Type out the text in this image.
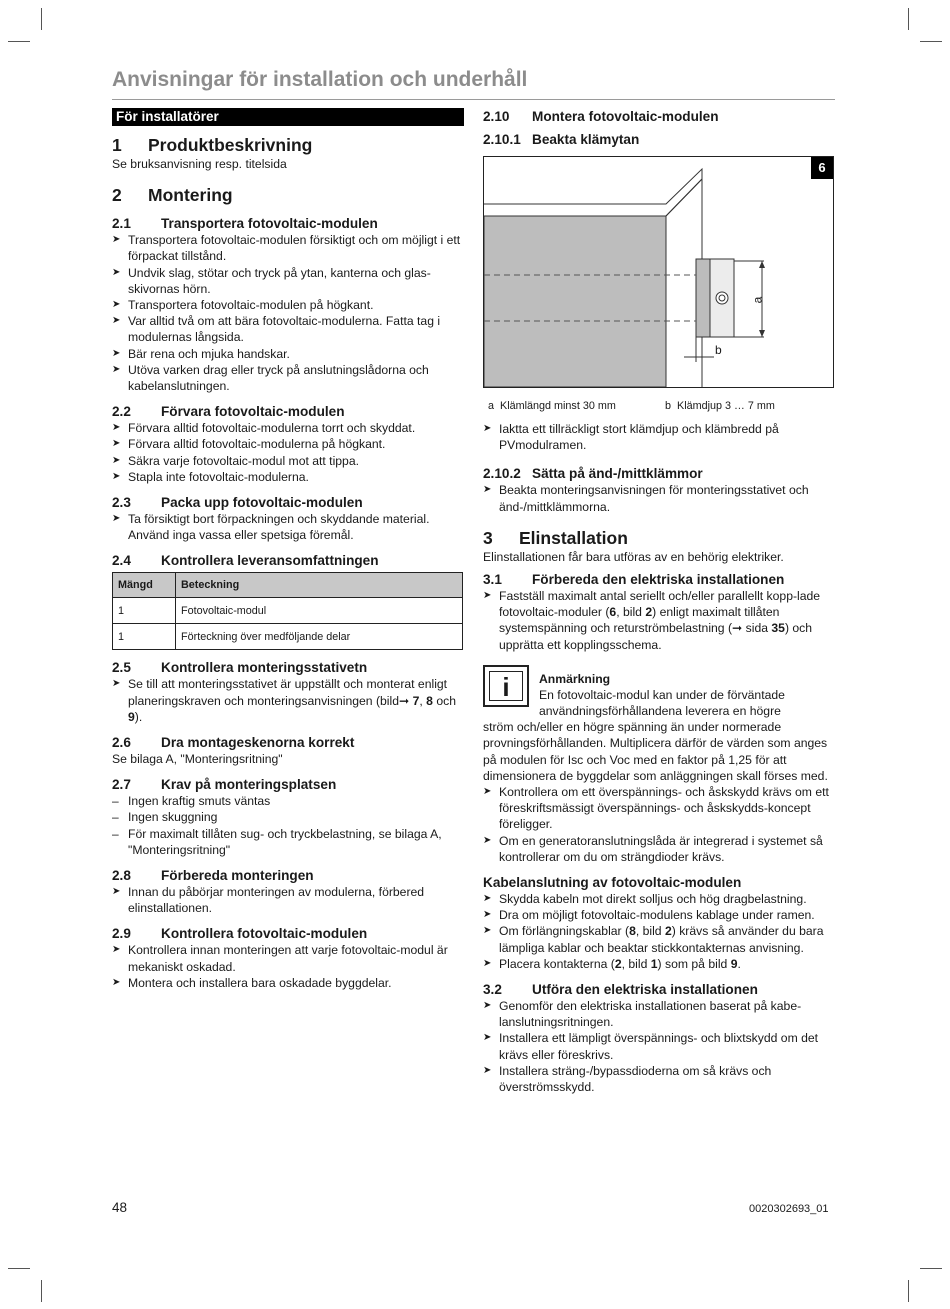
Anvisningar för installation och underhåll
För installatörer
1	Produktbeskrivning

Se bruksanvisning resp. titelsida

2	Montering
2.1	Transportera fotovoltaic-modulen
➤ Transportera fotovoltaic-modulen försiktigt och om möjligt i ett förpackat tillstånd.
➤ Undvik slag, stötar och tryck på ytan, kanterna och glas-skivornas hörn.
➤ Transportera fotovoltaic-modulen på högkant.
➤ Var alltid två om att bära fotovoltaic-modulerna. Fatta tag i modulernas långsida.
➤ Bär rena och mjuka handskar.
➤ Utöva varken drag eller tryck på anslutningslådorna och kabelanslutningen.
2.2	Förvara fotovoltaic-modulen
➤ Förvara alltid fotovoltaic-modulerna torrt och skyddat.
➤ Förvara alltid fotovoltaic-modulerna på högkant.
➤ Säkra varje fotovoltaic-modul mot att tippa.
➤ Stapla inte fotovoltaic-modulerna.
2.3	Packa upp fotovoltaic-modulen
➤ Ta försiktigt bort förpackningen och skyddande material. Använd inga vassa eller spetsiga föremål.
2.4	Kontrollera leveransomfattningen
Mängd	Beteckning
1	Fotovoltaic-modul
1	Förteckning över medföljande delar
2.5	Kontrollera monteringsstativetn
➤ Se till att monteringsstativet är uppställt och monterat enligt planeringskraven och monteringsanvisningen (bild➞ 7, 8 och 9).
2.6	Dra montageskenorna korrekt

Se bilaga A, "Monteringsritning"

2.7	Krav på monteringsplatsen
– Ingen kraftig smuts väntas
– Ingen skuggning
– För maximalt tillåten sug- och tryckbelastning, se bilaga A, "Monteringsritning"
2.8	Förbereda monteringen
➤ Innan du påbörjar monteringen av modulerna, förbered elinstallationen.
2.9	Kontrollera fotovoltaic-modulen
➤ Kontrollera innan monteringen att varje fotovoltaic-modul är mekaniskt oskadad.
➤ Montera och installera bara oskadade byggdelar.
2.10	Montera fotovoltaic-modulen
2.10.1 Beakta klämytan
a
b
6
a Klämlängd minst 30 mm	b Klämdjup 3 … 7 mm
➤ Iaktta ett tillräckligt stort klämdjup och klämbredd på PVmodulramen.
2.10.2 Sätta på änd-/mittklämmor
➤ Beakta monteringsanvisningen för monteringsstativet och änd-/mittklämmorna.
3	Elinstallation

Elinstallationen får bara utföras av en behörig elektriker.

3.1	Förbereda den elektriska installationen
➤ Fastställ maximalt antal seriellt och/eller parallellt kopp-lade fotovoltaic-moduler (6, bild 2) enligt maximalt tillåten systemspänning och returströmbelastning (➞ sida 35) och upprätta ett kopplingsschema.
i	Anmärkning
En fotovoltaic-modul kan under de förväntade användningsförhållandena leverera en högre
ström och/eller en högre spänning än under normerade provningsförhållanden. Multiplicera därför de värden som anges på modulen för Isc och Voc med en faktor på 1,25 för att dimensionera de byggdelar som anläggningen skall förses med.
➤ Kontrollera om ett överspännings- och åskskydd krävs om ett föreskriftsmässigt överspännings- och åskskydds-koncept föreligger.
➤ Om en generatoranslutningslåda är integrerad i systemet så kontrollerar om du om strängdioder krävs.
Kabelanslutning av fotovoltaic-modulen
➤ Skydda kabeln mot direkt solljus och hög dragbelastning.
➤ Dra om möjligt fotovoltaic-modulens kablage under ramen.
➤ Om förlängningskablar (8, bild 2) krävs så använder du bara lämpliga kablar och beaktar stickkontakternas anvisning.
➤ Placera kontakterna (2, bild 1) som på bild 9.
3.2	Utföra den elektriska installationen
➤ Genomför den elektriska installationen baserat på kabe-lanslutningsritningen.
➤ Installera ett lämpligt överspännings- och blixtskydd om det krävs eller föreskrivs.
➤ Installera sträng-/bypassdioderna om så krävs och överströmsskydd.
48	0020302693_01
